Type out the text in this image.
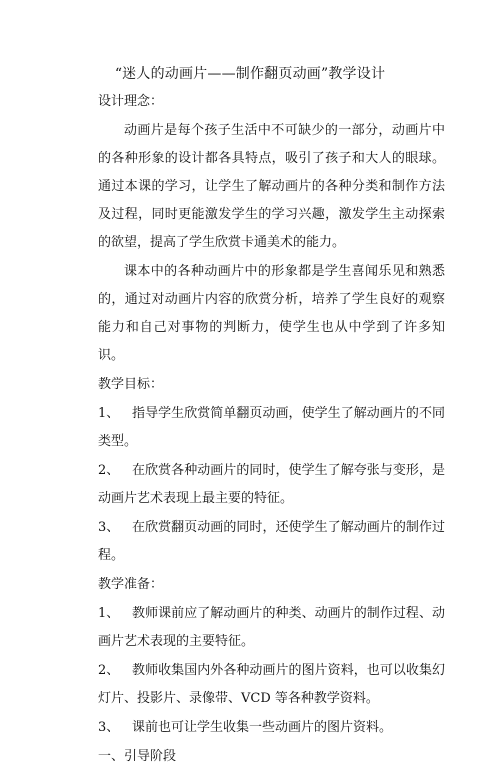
“迷人的动画片——制作翻页动画”教学设计

设计理念：

动画片是每个孩子生活中不可缺少的一部分，动画片中的各种形象的设计都各具特点，吸引了孩子和大人的眼球。通过本课的学习，让学生了解动画片的各种分类和制作方法及过程，同时更能激发学生的学习兴趣，激发学生主动探索的欲望，提高了学生欣赏卡通美术的能力。

课本中的各种动画片中的形象都是学生喜闻乐见和熟悉的，通过对动画片内容的欣赏分析，培养了学生良好的观察能力和自己对事物的判断力，使学生也从中学到了许多知识。

教学目标：

1、 指导学生欣赏简单翻页动画，使学生了解动画片的不同类型。

2、 在欣赏各种动画片的同时，使学生了解夸张与变形，是动画片艺术表现上最主要的特征。

3、 在欣赏翻页动画的同时，还使学生了解动画片的制作过程。

教学准备：

1、 教师课前应了解动画片的种类、动画片的制作过程、动画片艺术表现的主要特征。

2、 教师收集国内外各种动画片的图片资料，也可以收集幻灯片、投影片、录像带、VCD 等各种教学资料。

3、 课前也可让学生收集一些动画片的图片资料。

一、引导阶段
